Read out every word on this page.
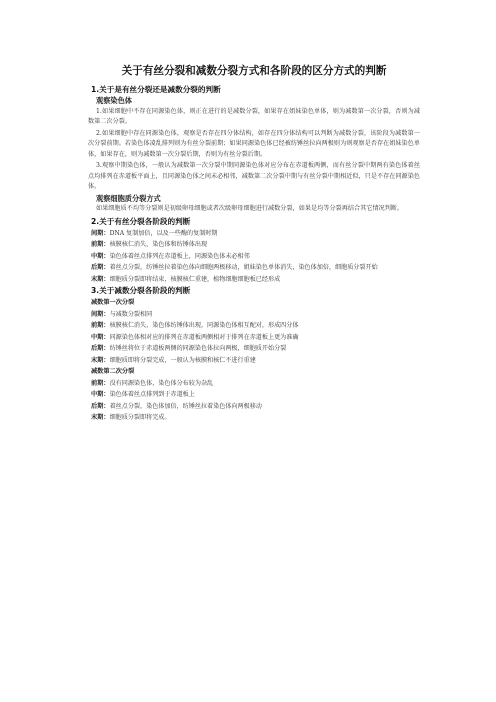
关于有丝分裂和减数分裂方式和各阶段的区分方式的判断
1.关于是有丝分裂还是减数分裂的判断
观察染色体

1.如果细胞中不存在同源染色体，则正在进行的是减数分裂，如果存在姐妹染色单体，则为减数第一次分裂，否则为减数第二次分裂。

2.如果细胞中存在同源染色体，观察是否存在四分体结构，如存在四分体结构可以判断为减数分裂，该阶段为减数第一次分裂前期。若染色体凌乱排列则为有丝分裂前期；如果同源染色体已经被纺锤丝拉向两极则为则观察是否存在姐妹染色单体，如果存在，则为减数第一次分裂后期，否则为有丝分裂后期。

3.观察中期染色体，一般认为减数第一次分裂中期同源染色体对应分布在赤道板两侧，而有丝分裂中期两有染色体着丝点均排列在赤道板平面上，且同源染色体之间未必相邻，减数第二次分裂中期与有丝分裂中期相近似，只是不存在同源染色体。

观察细胞质分裂方式

如果细胞质不均等分裂则是初级卵母细胞或者次级卵母细胞进行减数分裂，如果是均等分裂再结合其它情况判断。

2.关于有丝分裂各阶段的判断
间期：DNA 复制加倍，以及一些酶的复制时期
前期：核膜核仁消失，染色体和纺锤体出现
中期：染色体着丝点排列在赤道板上，同源染色体未必相邻
后期：着丝点分裂，纺锤丝拉着染色体向细胞两极移动，姐妹染色单体消失，染色体加倍，细胞质分裂开始
末期：细胞质分裂即将结束，核膜核仁重建，植物细胞细胞板已经形成
3.关于减数分裂各阶段的判断
减数第一次分裂
间期：与减数分裂相同
前期：核膜核仁消失，染色体纺锤体出现，同源染色体相互配对，形成四分体
中期：同源染色体相对应的排列在赤道板两侧相对于排列在赤道板上更为准确
后期：纺锤丝将位于赤道板两侧的同源染色体拉向两极，细胞质开始分裂
末期：细胞质即将分裂完成，一般认为核膜和核仁不进行重建
减数第二次分裂
前期：没有同源染色体，染色体分布较为杂乱
中期：染色体着丝点排列到于赤道板上
后期：着丝点分裂，染色体加倍，纺锤丝拉着染色体向两极移动
末期：细胞质分裂即将完成。
